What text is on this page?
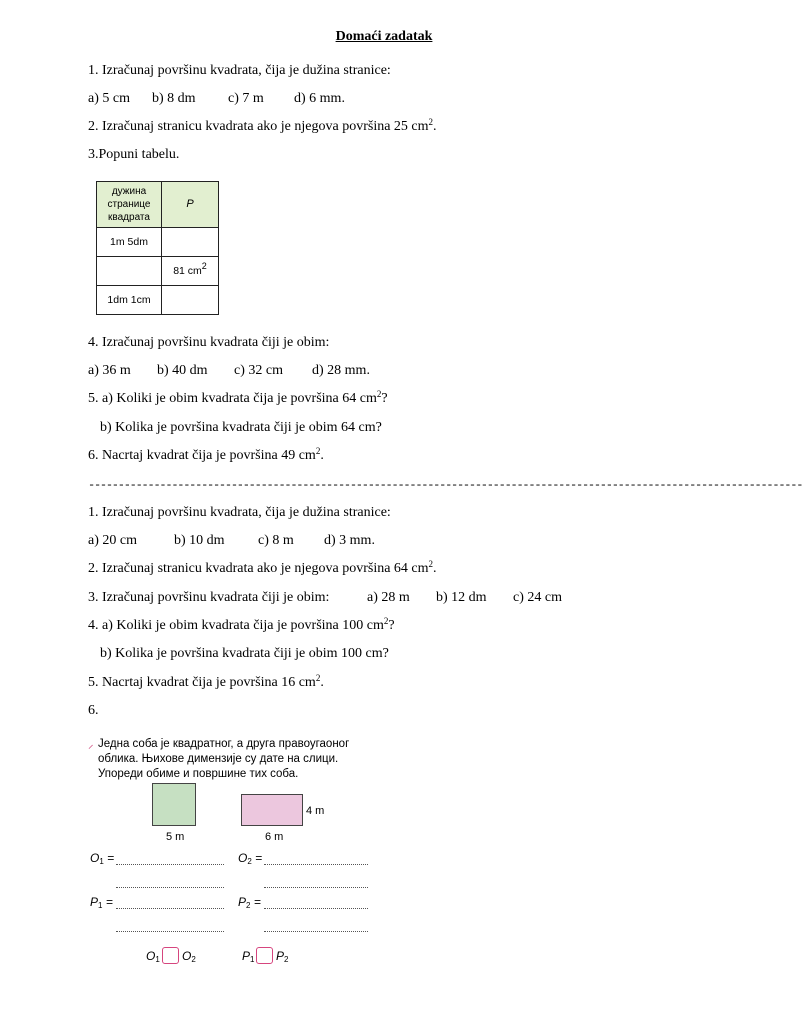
Domaći zadatak
1. Izračunaj površinu kvadrata, čija je dužina stranice:
a) 5 cm b) 8 dm c) 7 m d) 6 mm.
2. Izračunaj stranicu kvadrata ako je njegova površina 25 $cm^2$.
3.Popuni tabelu.
дужина странице квадрата	P
1m 5dm	
	81 $cm^2$
1dm 1cm	
4. Izračunaj površinu kvadrata čiji je obim:
a) 36 m b) 40 dm c) 32 cm d) 28 mm.
5. a) Koliki je obim kvadrata čija je površina 64 $cm^2$?
b) Kolika je površina kvadrata čiji je obim 64 cm?
6. Nacrtaj kvadrat čija je površina 49 $cm^2$.
------------------------------------------------------------------------------------------------------------------------
1. Izračunaj površinu kvadrata, čija je dužina stranice:
a) 20 cm	b) 10 dm c) 8 m d) 3 mm.
2. Izračunaj stranicu kvadrata ako je njegova površina 64 $cm^2$.
3. Izračunaj površinu kvadrata čiji je obim:	a) 28 m b) 12 dm c) 24 cm
4. a) Koliki je obim kvadrata čija je površina 100 $cm^2$?
b) Kolika je površina kvadrata čiji je obim 100 cm?
5. Nacrtaj kvadrat čija je površina 16 $cm^2$.
6.
⸝ Једна соба је квадратног, а друга правоугаоног
облика. Њихове димензије су дате на слици.
Упореди обиме и површине тих соба.
5 m	6 m
4 m
$O_1$ =	$O_2$ =
$P_1$ =	$P_2$ =
$O_1$ $O_2$	$P_1$ $P_2$
